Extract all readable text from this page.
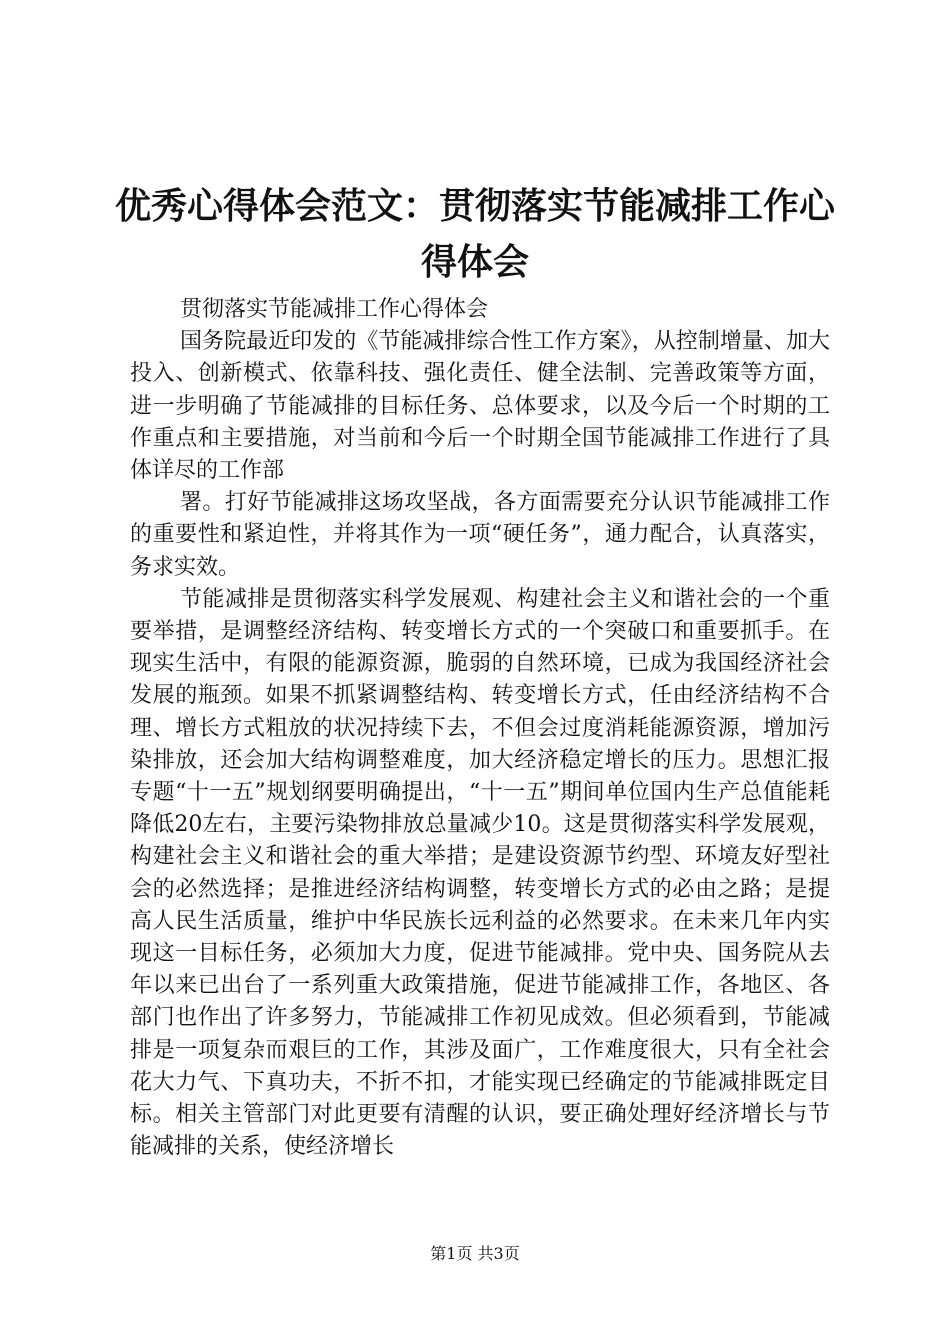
优秀心得体会范文：贯彻落实节能减排工作心得体会

贯彻落实节能减排工作心得体会

国务院最近印发的《节能减排综合性工作方案》，从控制增量、加大投入、创新模式、依靠科技、强化责任、健全法制、完善政策等方面，进一步明确了节能减排的目标任务、总体要求，以及今后一个时期的工作重点和主要措施，对当前和今后一个时期全国节能减排工作进行了具体详尽的工作部

署。打好节能减排这场攻坚战，各方面需要充分认识节能减排工作的重要性和紧迫性，并将其作为一项“硬任务”，通力配合，认真落实，务求实效。

节能减排是贯彻落实科学发展观、构建社会主义和谐社会的一个重要举措，是调整经济结构、转变增长方式的一个突破口和重要抓手。在现实生活中，有限的能源资源，脆弱的自然环境，已成为我国经济社会发展的瓶颈。如果不抓紧调整结构、转变增长方式，任由经济结构不合理、增长方式粗放的状况持续下去，不但会过度消耗能源资源，增加污染排放，还会加大结构调整难度，加大经济稳定增长的压力。思想汇报专题“十一五”规划纲要明确提出，“十一五”期间单位国内生产总值能耗降低20左右，主要污染物排放总量减少10。这是贯彻落实科学发展观，构建社会主义和谐社会的重大举措；是建设资源节约型、环境友好型社会的必然选择；是推进经济结构调整，转变增长方式的必由之路；是提高人民生活质量，维护中华民族长远利益的必然要求。在未来几年内实现这一目标任务，必须加大力度，促进节能减排。党中央、国务院从去年以来已出台了一系列重大政策措施，促进节能减排工作，各地区、各部门也作出了许多努力，节能减排工作初见成效。但必须看到，节能减排是一项复杂而艰巨的工作，其涉及面广，工作难度很大，只有全社会花大力气、下真功夫，不折不扣，才能实现已经确定的节能减排既定目标。相关主管部门对此更要有清醒的认识，要正确处理好经济增长与节能减排的关系，使经济增长

第1页 共3页
